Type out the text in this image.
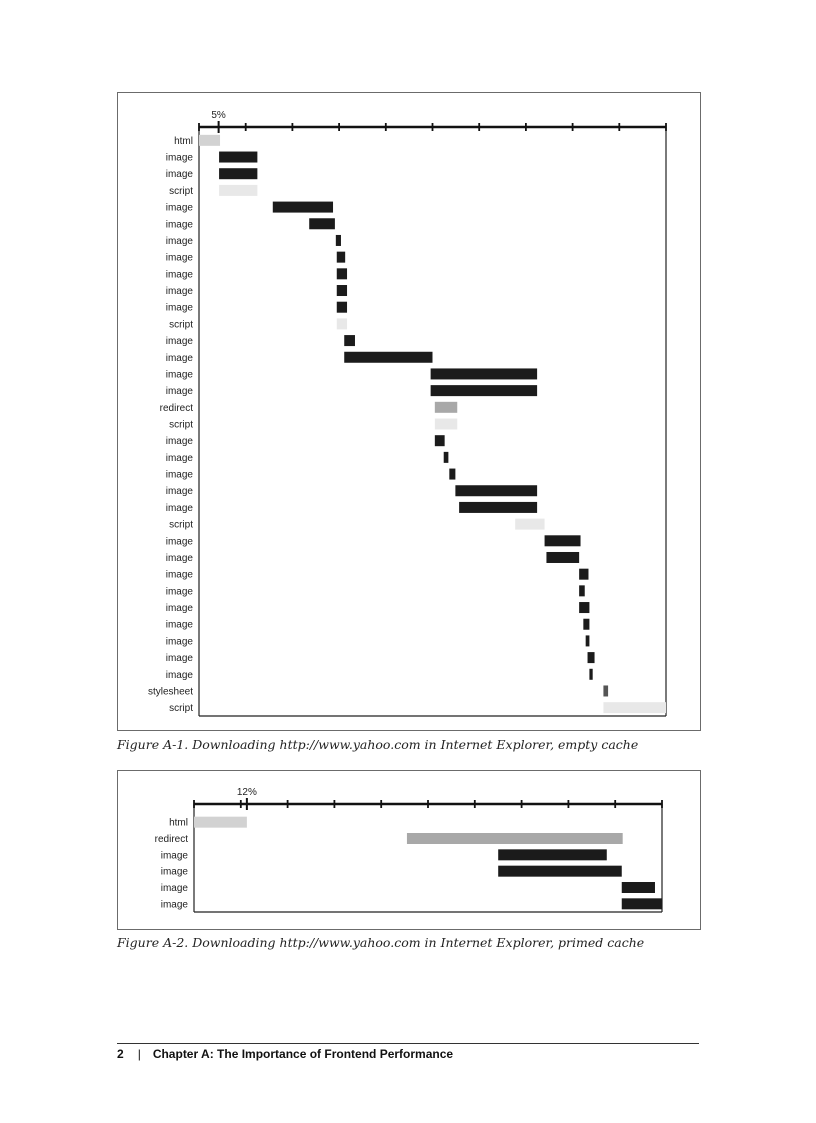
5%
html
image
image
script
image
image
image
image
image
image
image
script
image
image
image
image
redirect
script
image
image
image
image
image
script
image
image
image
image
image
image
image
image
image
stylesheet
script
Figure A-1. Downloading http://www.yahoo.com in Internet Explorer, empty cache
12%
html
redirect
image
image
image
image
Figure A-2. Downloading http://www.yahoo.com in Internet Explorer, primed cache
2 | Chapter A: The Importance of Frontend Performance
